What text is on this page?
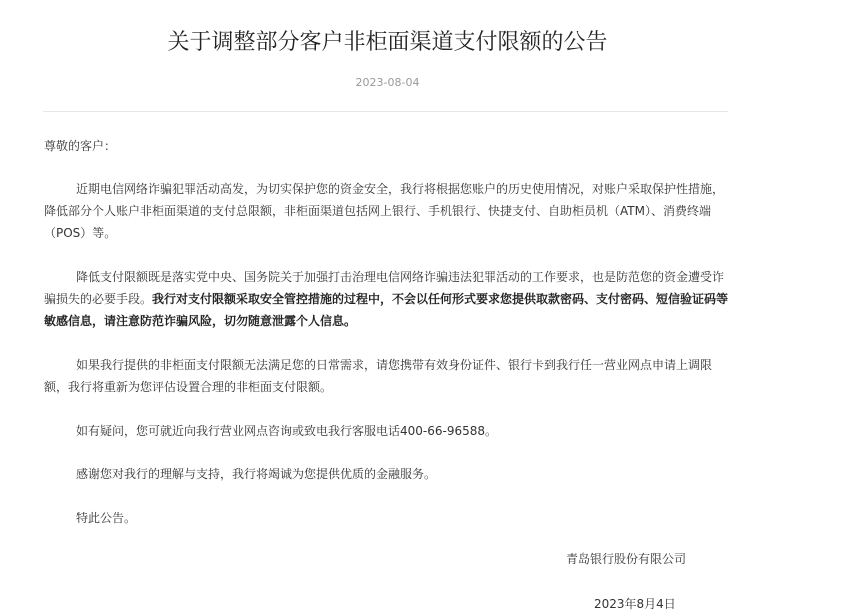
关于调整部分客户非柜面渠道支付限额的公告
2023-08-04

尊敬的客户：

近期电信网络诈骗犯罪活动高发，为切实保护您的资金安全，我行将根据您账户的历史使用情况，对账户采取保护性措施，降低部分个人账户非柜面渠道的支付总限额，非柜面渠道包括网上银行、手机银行、快捷支付、自助柜员机（ATM）、消费终端（POS）等。

降低支付限额既是落实党中央、国务院关于加强打击治理电信网络诈骗违法犯罪活动的工作要求，也是防范您的资金遭受诈骗损失的必要手段。我行对支付限额采取安全管控措施的过程中，不会以任何形式要求您提供取款密码、支付密码、短信验证码等敏感信息，请注意防范诈骗风险，切勿随意泄露个人信息。

如果我行提供的非柜面支付限额无法满足您的日常需求，请您携带有效身份证件、银行卡到我行任一营业网点申请上调限额，我行将重新为您评估设置合理的非柜面支付限额。

如有疑问，您可就近向我行营业网点咨询或致电我行客服电话400-66-96588。

感谢您对我行的理解与支持，我行将竭诚为您提供优质的金融服务。

特此公告。

青岛银行股份有限公司
2023年8月4日
